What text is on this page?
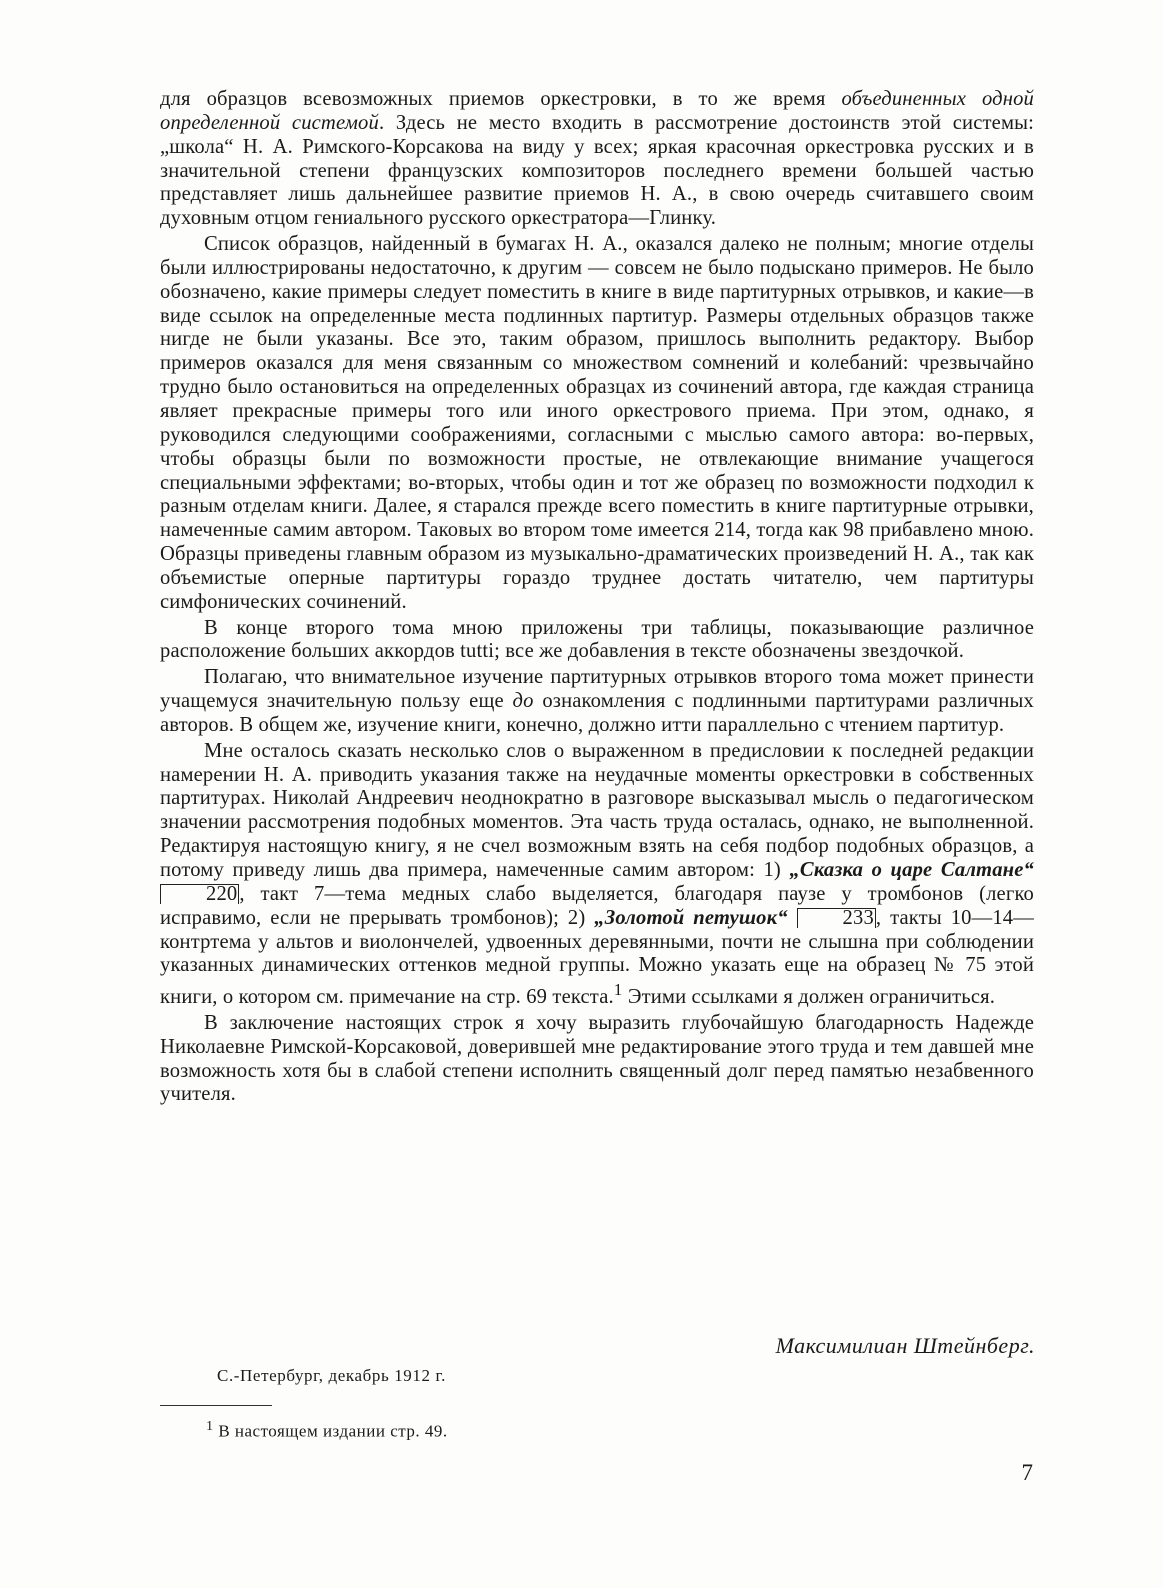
для образцов всевозможных приемов оркестровки, в то же время объединенных одной определенной системой. Здесь не место входить в рассмотрение достоинств этой системы: „школа“ Н. А. Римского-Корсакова на виду у всех; яркая красочная оркестровка русских и в значительной степени французских композиторов последнего времени большей частью представляет лишь дальнейшее развитие приемов Н. А., в свою очередь считавшего своим духовным отцом гениального русского оркестратора—Глинку.

Список образцов, найденный в бумагах Н. А., оказался далеко не полным; многие отделы были иллюстрированы недостаточно, к другим — совсем не было подыскано примеров. Не было обозначено, какие примеры следует поместить в книге в виде партитурных отрывков, и какие—в виде ссылок на определенные места подлинных партитур. Размеры отдельных образцов также нигде не были указаны. Все это, таким образом, пришлось выполнить редактору. Выбор примеров оказался для меня связанным со множеством сомнений и колебаний: чрезвычайно трудно было остановиться на определенных образцах из сочинений автора, где каждая страница являет прекрасные примеры того или иного оркестрового приема. При этом, однако, я руководился следующими соображениями, согласными с мыслью самого автора: во-первых, чтобы образцы были по возможности простые, не отвлекающие внимание учащегося специальными эффектами; во-вторых, чтобы один и тот же образец по возможности подходил к разным отделам книги. Далее, я старался прежде всего поместить в книге партитурные отрывки, намеченные самим автором. Таковых во втором томе имеется 214, тогда как 98 прибавлено мною. Образцы приведены главным образом из музыкально-драматических произведений Н. А., так как объемистые оперные партитуры гораздо труднее достать читателю, чем партитуры симфонических сочинений.

В конце второго тома мною приложены три таблицы, показывающие различное расположение больших аккордов tutti; все же добавления в тексте обозначены звездочкой.

Полагаю, что внимательное изучение партитурных отрывков второго тома может принести учащемуся значительную пользу еще до ознакомления с подлинными партитурами различных авторов. В общем же, изучение книги, конечно, должно итти параллельно с чтением партитур.

Мне осталось сказать несколько слов о выраженном в предисловии к последней редакции намерении Н. А. приводить указания также на неудачные моменты оркестровки в собственных партитурах. Николай Андреевич неоднократно в разговоре высказывал мысль о педагогическом значении рассмотрения подобных моментов. Эта часть труда осталась, однако, не выполненной. Редактируя настоящую книгу, я не счел возможным взять на себя подбор подобных образцов, а потому приведу лишь два примера, намеченные самим автором: 1) „Сказка о царе Салтане“ 220, такт 7—тема медных слабо выделяется, благодаря паузе у тромбонов (легко исправимо, если не прерывать тромбонов); 2) „Золотой петушок“	233, такты 10—14—контртема у альтов и виолончелей, удвоенных деревянными, почти не слышна при соблюдении указанных динамических оттенков медной группы. Можно указать еще на образец № 75 этой книги, о котором см. примечание на стр. 69 текста.$^1$ Этими ссылками я должен ограничиться.

В заключение настоящих строк я хочу выразить глубочайшую благодарность Надежде Николаевне Римской-Корсаковой, доверившей мне редактирование этого труда и тем давшей мне возможность хотя бы в слабой степени исполнить священный долг перед памятью незабвенного учителя.

Максимилиан Штейнберг.
С.-Петербург, декабрь 1912 г.
$^1$ В настоящем издании стр. 49.
7
